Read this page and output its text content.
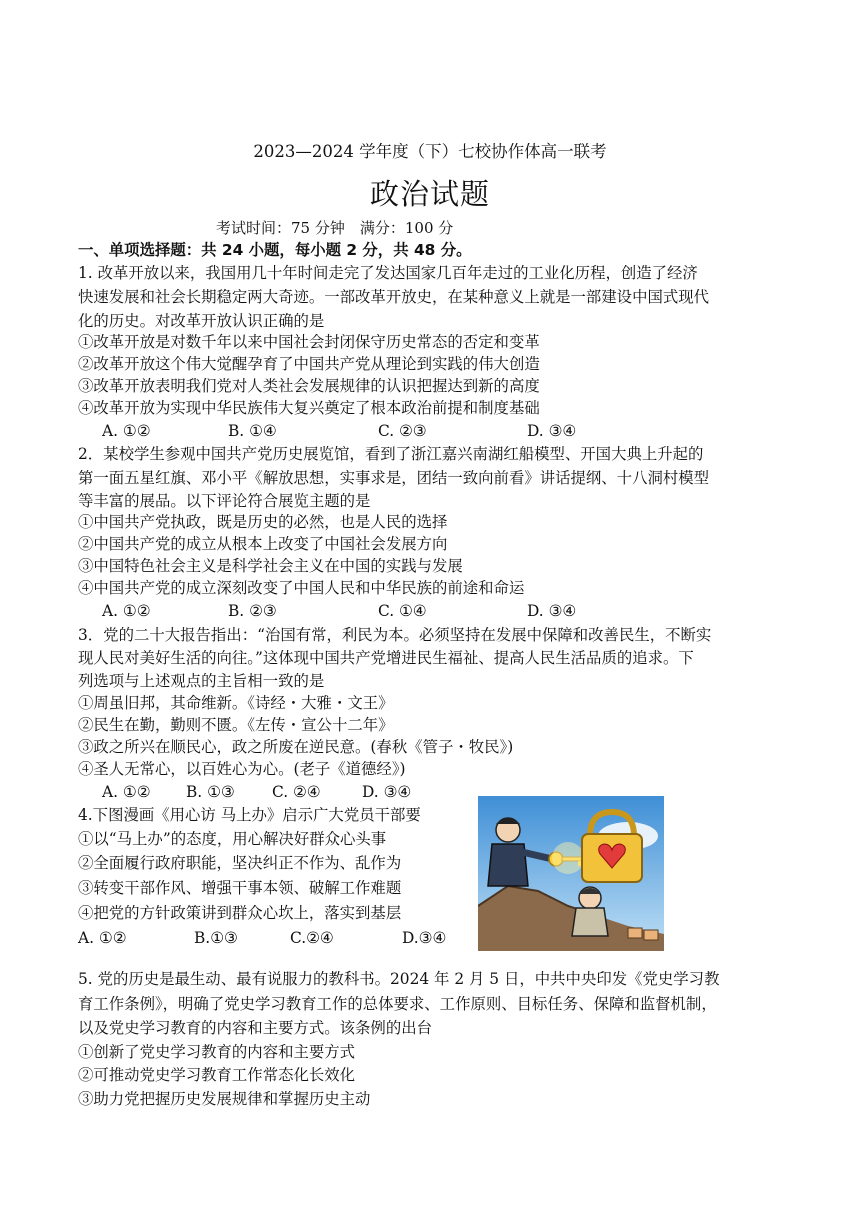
2023—2024 学年度（下）七校协作体高一联考
政治试题
考试时间：75 分钟　满分：100 分
一、单项选择题：共 24 小题，每小题 2 分，共 48 分。
1. 改革开放以来，我国用几十年时间走完了发达国家几百年走过的工业化历程，创造了经济
快速发展和社会长期稳定两大奇迹。一部改革开放史，在某种意义上就是一部建设中国式现代
化的历史。对改革开放认识正确的是
①改革开放是对数千年以来中国社会封闭保守历史常态的否定和变革
②改革开放这个伟大觉醒孕育了中国共产党从理论到实践的伟大创造
③改革开放表明我们党对人类社会发展规律的认识把握达到新的高度
④改革开放为实现中华民族伟大复兴奠定了根本政治前提和制度基础
A. ①②	B. ①④	C. ②③	D. ③④
2．某校学生参观中国共产党历史展览馆，看到了浙江嘉兴南湖红船模型、开国大典上升起的
第一面五星红旗、邓小平《解放思想，实事求是，团结一致向前看》讲话提纲、十八洞村模型
等丰富的展品。以下评论符合展览主题的是
①中国共产党执政，既是历史的必然，也是人民的选择
②中国共产党的成立从根本上改变了中国社会发展方向
③中国特色社会主义是科学社会主义在中国的实践与发展
④中国共产党的成立深刻改变了中国人民和中华民族的前途和命运
A. ①②	B. ②③	C. ①④	D. ③④
3．党的二十大报告指出：“治国有常，利民为本。必须坚持在发展中保障和改善民生，不断实
现人民对美好生活的向往。”这体现中国共产党增进民生福祉、提高人民生活品质的追求。下
列选项与上述观点的主旨相一致的是
①周虽旧邦，其命维新。《诗经・大雅・文王》
②民生在勤，勤则不匮。《左传・宣公十二年》
③政之所兴在顺民心，政之所废在逆民意。(春秋《管子・牧民》)
④圣人无常心，以百姓心为心。(老子《道德经》)
A. ①② B. ①③ C. ②④	D. ③④
4.下图漫画《用心访 马上办》启示广大党员干部要
①以“马上办”的态度，用心解决好群众心头事
②全面履行政府职能，坚决纠正不作为、乱作为
③转变干部作风、增强干事本领、破解工作难题
④把党的方针政策讲到群众心坎上，落实到基层
A. ①②	B.①③	C.②④	D.③④
5. 党的历史是最生动、最有说服力的教科书。2024 年 2 月 5 日，中共中央印发《党史学习教
育工作条例》，明确了党史学习教育工作的总体要求、工作原则、目标任务、保障和监督机制，
以及党史学习教育的内容和主要方式。该条例的出台
①创新了党史学习教育的内容和主要方式
②可推动党史学习教育工作常态化长效化
③助力党把握历史发展规律和掌握历史主动
